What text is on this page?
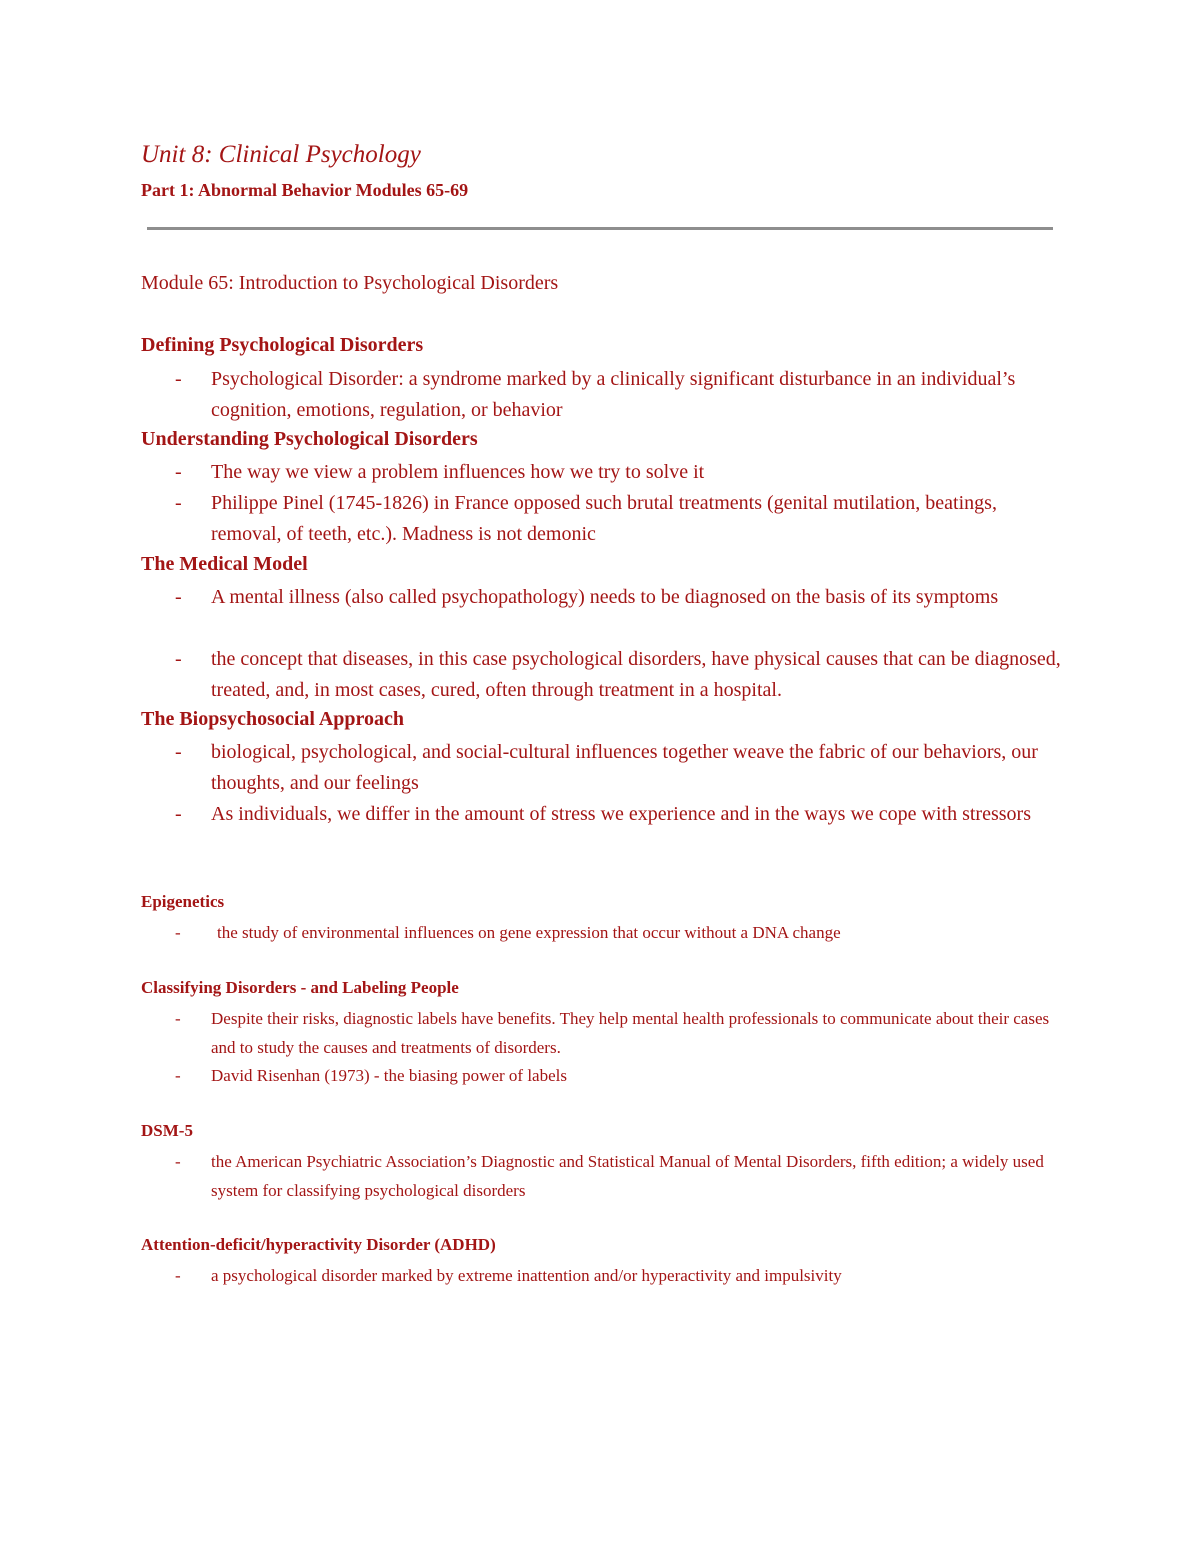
Unit 8: Clinical Psychology
Part 1: Abnormal Behavior Modules 65-69
Module 65: Introduction to Psychological Disorders
Defining Psychological Disorders
- Psychological Disorder: a syndrome marked by a clinically significant disturbance in an individual’s cognition, emotions, regulation, or behavior
Understanding Psychological Disorders
- The way we view a problem influences how we try to solve it
- Philippe Pinel (1745-1826) in France opposed such brutal treatments (genital mutilation, beatings, removal, of teeth, etc.). Madness is not demonic
The Medical Model
- A mental illness (also called psychopathology) needs to be diagnosed on the basis of its symptoms
- the concept that diseases, in this case psychological disorders, have physical causes that can be diagnosed, treated, and, in most cases, cured, often through treatment in a hospital.
The Biopsychosocial Approach
- biological, psychological, and social-cultural influences together weave the fabric of our behaviors, our thoughts, and our feelings
- As individuals, we differ in the amount of stress we experience and in the ways we cope with stressors
Epigenetics
- the study of environmental influences on gene expression that occur without a DNA change
Classifying Disorders - and Labeling People
- Despite their risks, diagnostic labels have benefits. They help mental health professionals to communicate about their cases and to study the causes and treatments of disorders.
- David Risenhan (1973) - the biasing power of labels
DSM-5
- the American Psychiatric Association’s Diagnostic and Statistical Manual of Mental Disorders, fifth edition; a widely used system for classifying psychological disorders
Attention-deficit/hyperactivity Disorder (ADHD)
- a psychological disorder marked by extreme inattention and/or hyperactivity and impulsivity
